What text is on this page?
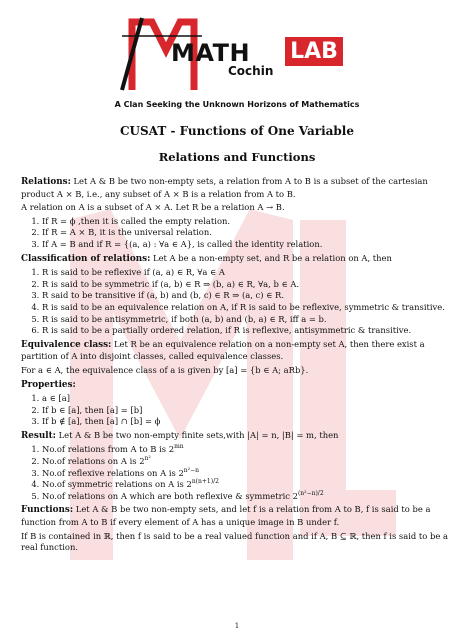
MATH LAB
Cochin
A Clan Seeking the Unknown Horizons of Mathematics
CUSAT - Functions of One Variable
Relations and Functions

Relations: Let A & B be two non-empty sets, a relation from A to B is a subset of the cartesian product A × B, i.e., any subset of A × B is a relation from A to B.

A relation on A is a subset of A × A. Let R be a relation A → B.

1. If R = ϕ ,then it is called the empty relation.
2. If R = A × B, it is the universal relation.
3. If A = B and if R = {(a, a) : ∀a ∈ A}, is called the identity relation.

Classification of relations: Let A be a non-empty set, and R be a relation on A, then

1. R is said to be reflexive if (a, a) ∈ R, ∀a ∈ A
2. R is said to be symmetric if (a, b) ∈ R ⇒ (b, a) ∈ R, ∀a, b ∈ A.
3. R said to be transitive if (a, b) and (b, c) ∈ R ⇒ (a, c) ∈ R.
4. R is said to be an equivalence relation on A, if R is said to be reflexive, symmetric & transitive.
5. R is said to be antisymmetric, if both (a, b) and (b, a) ∈ R, iff a = b.
6. R is said to be a partially ordered relation, if R is reflexive, antisymmetric & transitive.

Equivalence class: Let R be an equivalence relation on a non-empty set A, then there exist a partition of A into disjoint classes, called equivalence classes.

For a ∈ A, the equivalence class of a is given by [a] = {b ∈ A; aRb}.

Properties:

1. a ∈ [a]
2. If b ∈ [a], then [a] = [b]
3. If b ∉ [a], then [a] ∩ [b] = ϕ

Result: Let A & B be two non-empty finite sets,with |A| = n, |B| = m, then

1. No.of relations from A to B is $2^{mn}$
2. No.of relations on A is $2^{n^2}$
3. No.of reflexive relations on A is $2^{n^2-n}$
4. No.of symmetric relations on A is $2^{n(n+1)/2}$
5. No.of relations on A which are both reflexive & symmetric $2^{(n^2-n)/2}$

Functions: Let A & B be two non-empty sets, and let f is a relation from A to B, f is said to be a function from A to B if every element of A has a unique image in B under f.

If B is contained in ℝ, then f is said to be a real valued function and if A, B ⊆ ℝ, then f is said to be a real function.

1
